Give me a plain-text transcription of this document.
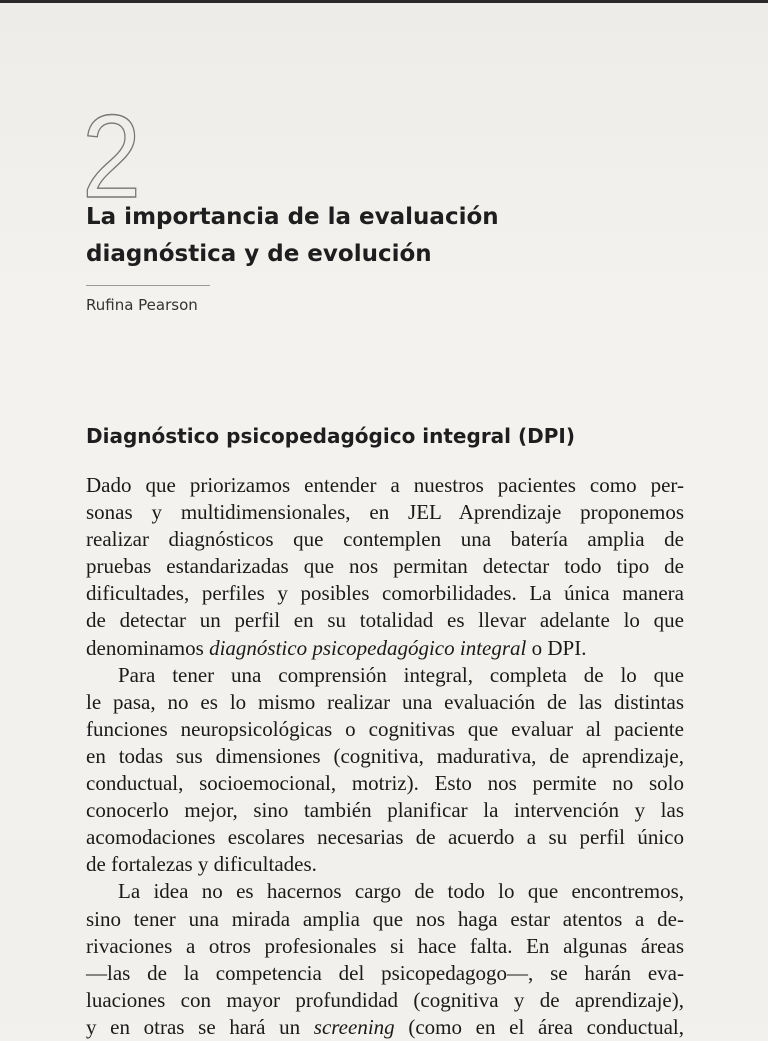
2
La importancia de la evaluación
diagnóstica y de evolución

Rufina Pearson

Diagnóstico psicopedagógico integral (DPI)

Dado que priorizamos entender a nuestros pacientes como per-
sonas y multidimensionales, en JEL Aprendizaje proponemos
realizar diagnósticos que contemplen una batería amplia de
pruebas estandarizadas que nos permitan detectar todo tipo de
dificultades, perfiles y posibles comorbilidades. La única manera
de detectar un perfil en su totalidad es llevar adelante lo que
denominamos diagnóstico psicopedagógico integral o DPI.

Para tener una comprensión integral, completa de lo que
le pasa, no es lo mismo realizar una evaluación de las distintas
funciones neuropsicológicas o cognitivas que evaluar al paciente
en todas sus dimensiones (cognitiva, madurativa, de aprendizaje,
conductual, socioemocional, motriz). Esto nos permite no solo
conocerlo mejor, sino también planificar la intervención y las
acomodaciones escolares necesarias de acuerdo a su perfil único
de fortalezas y dificultades.

La idea no es hacernos cargo de todo lo que encontremos,
sino tener una mirada amplia que nos haga estar atentos a de-
rivaciones a otros profesionales si hace falta. En algunas áreas
—las de la competencia del psicopedagogo—, se harán eva-
luaciones con mayor profundidad (cognitiva y de aprendizaje),
y en otras se hará un screening (como en el área conductual,
